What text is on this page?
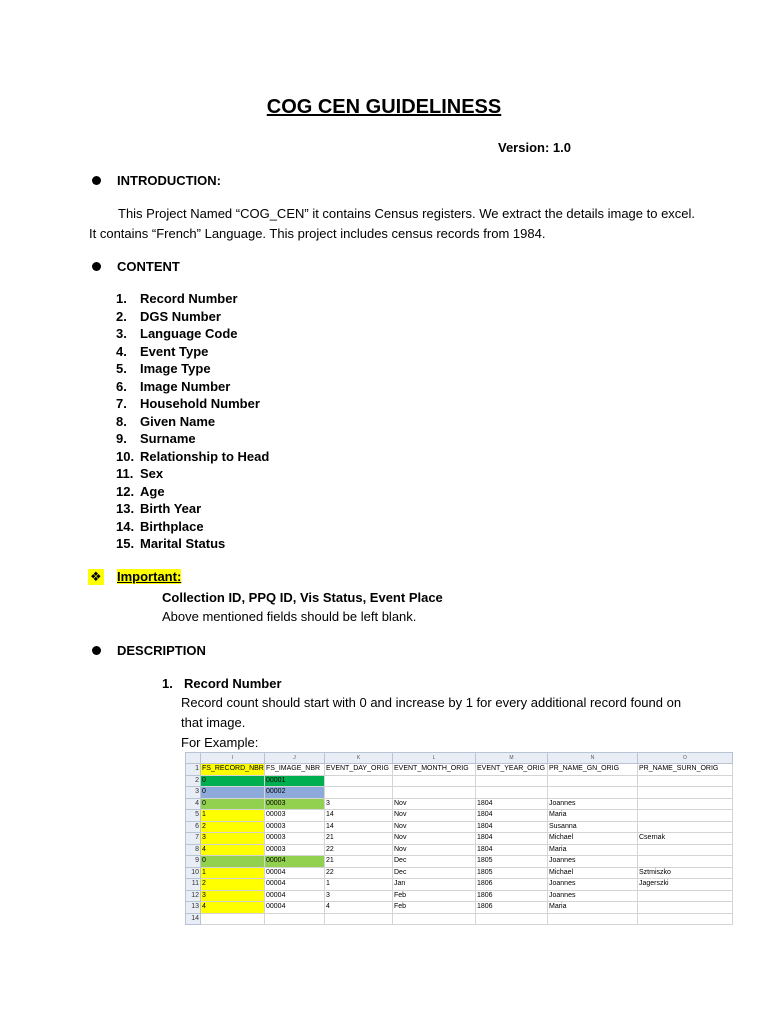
COG CEN GUIDELINESS
Version: 1.0
INTRODUCTION:
This Project Named “COG_CEN” it contains Census registers. We extract the details image to excel.
It contains “French” Language. This project includes census records from 1984.
CONTENT
1. Record Number
2. DGS Number
3. Language Code
4. Event Type
5. Image Type
6. Image Number
7. Household Number
8. Given Name
9. Surname
10. Relationship to Head
11. Sex
12. Age
13. Birth Year
14. Birthplace
15. Marital Status
❖ Important:
Collection ID, PPQ ID, Vis Status, Event Place
Above mentioned fields should be left blank.
DESCRIPTION
1. Record Number
Record count should start with 0 and increase by 1 for every additional record found on
that image.
For Example:
	I	J	K	L	M	N	O
1	FS_RECORD_NBR	FS_IMAGE_NBR	EVENT_DAY_ORIG	EVENT_MONTH_ORIG	EVENT_YEAR_ORIG	PR_NAME_GN_ORIG	PR_NAME_SURN_ORIG
2	0	00001					
3	0	00002					
4	0	00003	3	Nov	1804	Joannes	
5	1	00003	14	Nov	1804	Maria	
6	2	00003	14	Nov	1804	Susanna	
7	3	00003	21	Nov	1804	Michael	Csernak
8	4	00003	22	Nov	1804	Maria	
9	0	00004	21	Dec	1805	Joannes	
10	1	00004	22	Dec	1805	Michael	Sztmiszko
11	2	00004	1	Jan	1806	Joannes	Jagerszki
12	3	00004	3	Feb	1806	Joannes	
13	4	00004	4	Feb	1806	Maria	
14							
